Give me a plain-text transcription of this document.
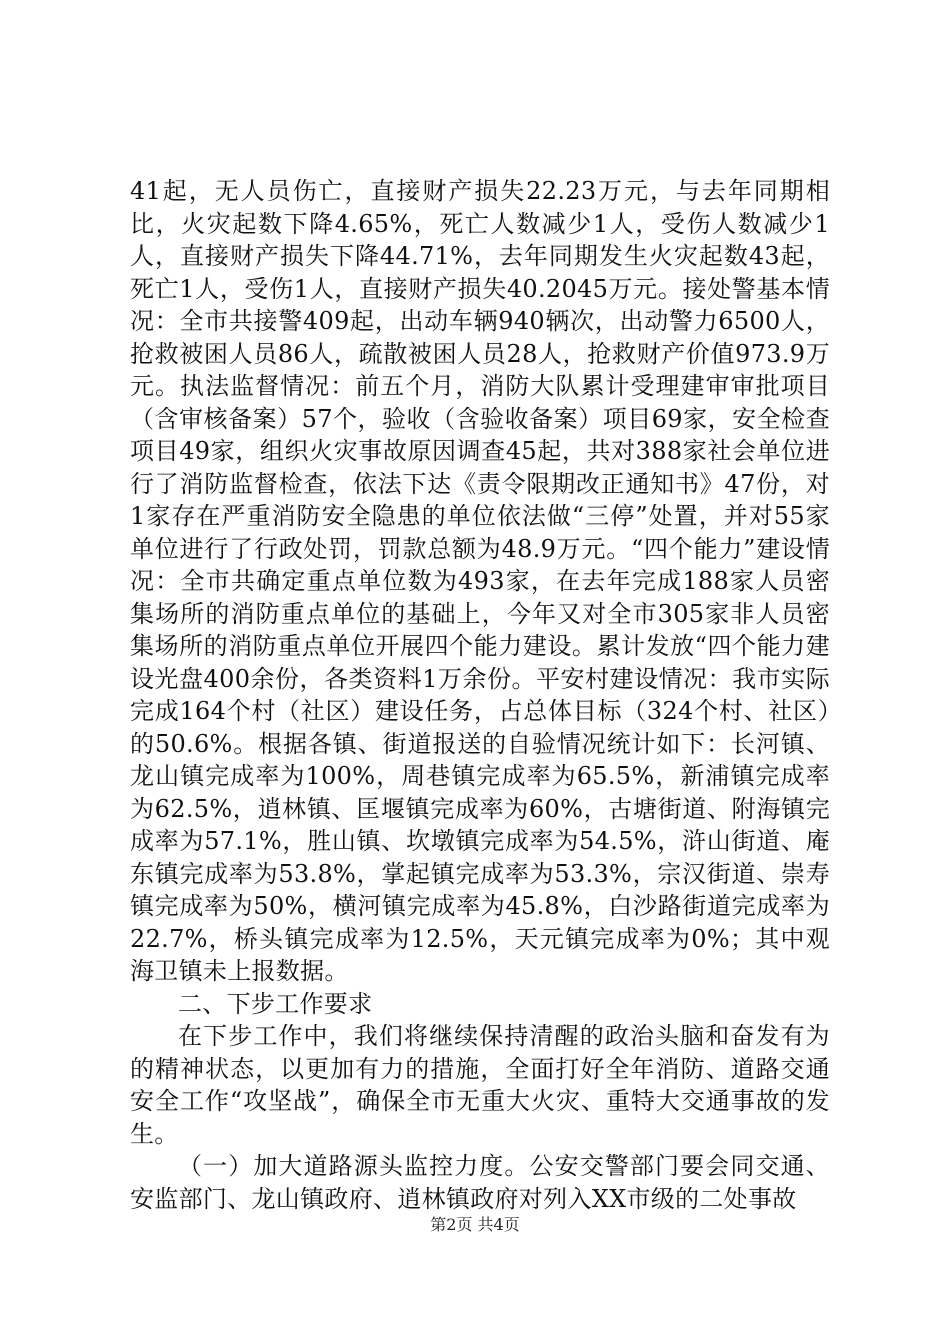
41起，无人员伤亡，直接财产损失22.23万元，与去年同期相比，火灾起数下降4.65%，死亡人数减少1人，受伤人数减少1人，直接财产损失下降44.71%，去年同期发生火灾起数43起，死亡1人，受伤1人，直接财产损失40.2045万元。接处警基本情况：全市共接警409起，出动车辆940辆次，出动警力6500人，抢救被困人员86人，疏散被困人员28人，抢救财产价值973.9万元。执法监督情况：前五个月，消防大队累计受理建审审批项目（含审核备案）57个，验收（含验收备案）项目69家，安全检查项目49家，组织火灾事故原因调查45起，共对388家社会单位进行了消防监督检查，依法下达《责令限期改正通知书》47份，对1家存在严重消防安全隐患的单位依法做“三停”处置，并对55家单位进行了行政处罚，罚款总额为48.9万元。“四个能力”建设情况：全市共确定重点单位数为493家，在去年完成188家人员密集场所的消防重点单位的基础上，今年又对全市305家非人员密集场所的消防重点单位开展四个能力建设。累计发放“四个能力建设光盘400余份，各类资料1万余份。平安村建设情况：我市实际完成164个村（社区）建设任务，占总体目标（324个村、社区）的50.6%。根据各镇、街道报送的自验情况统计如下：长河镇、龙山镇完成率为100%，周巷镇完成率为65.5%，新浦镇完成率为62.5%，逍林镇、匡堰镇完成率为60%，古塘街道、附海镇完成率为57.1%，胜山镇、坎墩镇完成率为54.5%，浒山街道、庵东镇完成率为53.8%，掌起镇完成率为53.3%，宗汉街道、崇寿镇完成率为50%，横河镇完成率为45.8%，白沙路街道完成率为22.7%，桥头镇完成率为12.5%，天元镇完成率为0%；其中观海卫镇未上报数据。

二、下步工作要求

在下步工作中，我们将继续保持清醒的政治头脑和奋发有为的精神状态，以更加有力的措施，全面打好全年消防、道路交通安全工作“攻坚战”，确保全市无重大火灾、重特大交通事故的发生。

（一）加大道路源头监控力度。公安交警部门要会同交通、安监部门、龙山镇政府、逍林镇政府对列入XX市级的二处事故

第2页 共4页
